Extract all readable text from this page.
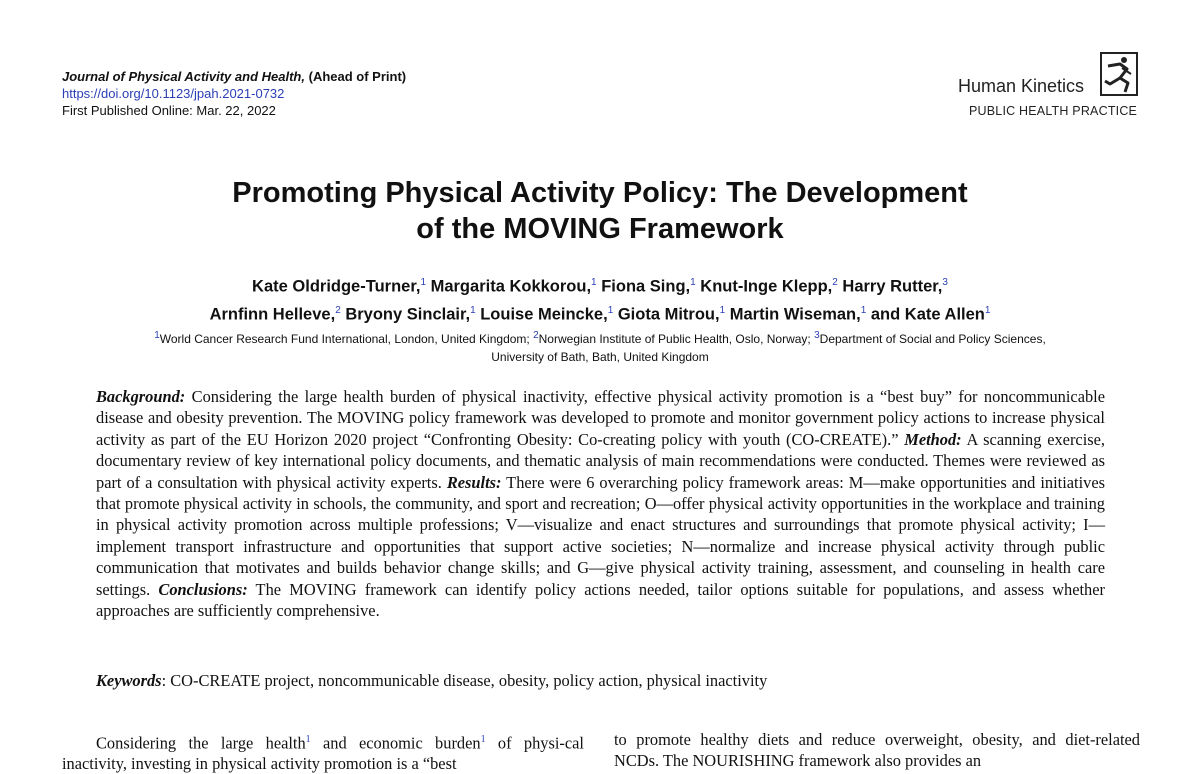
Journal of Physical Activity and Health, (Ahead of Print)
https://doi.org/10.1123/jpah.2021-0732
First Published Online: Mar. 22, 2022
Human Kinetics
PUBLIC HEALTH PRACTICE
Promoting Physical Activity Policy: The Development
of the MOVING Framework
Kate Oldridge-Turner,$^1$ Margarita Kokkorou,$^1$ Fiona Sing,$^1$ Knut-Inge Klepp,$^2$ Harry Rutter,$^3$
Arnfinn Helleve,$^2$ Bryony Sinclair,$^1$ Louise Meincke,$^1$ Giota Mitrou,$^1$ Martin Wiseman,$^1$ and Kate Allen$^1$
$^1$World Cancer Research Fund International, London, United Kingdom; $^2$Norwegian Institute of Public Health, Oslo, Norway; $^3$Department of Social and Policy Sciences,
University of Bath, Bath, United Kingdom
Background: Considering the large health burden of physical inactivity, effective physical activity promotion is a “best buy” for noncommunicable disease and obesity prevention. The MOVING policy framework was developed to promote and monitor government policy actions to increase physical activity as part of the EU Horizon 2020 project “Confronting Obesity: Co-creating policy with youth (CO-CREATE).” Method: A scanning exercise, documentary review of key international policy documents, and thematic analysis of main recommendations were conducted. Themes were reviewed as part of a consultation with physical activity experts. Results: There were 6 overarching policy framework areas: M—make opportunities and initiatives that promote physical activity in schools, the community, and sport and recreation; O—offer physical activity opportunities in the workplace and training in physical activity promotion across multiple professions; V—visualize and enact structures and surroundings that promote physical activity; I—implement transport infrastructure and opportunities that support active societies; N—normalize and increase physical activity through public communication that motivates and builds behavior change skills; and G—give physical activity training, assessment, and counseling in health care settings. Conclusions: The MOVING framework can identify policy actions needed, tailor options suitable for populations, and assess whether approaches are sufficiently comprehensive.
Keywords: CO-CREATE project, noncommunicable disease, obesity, policy action, physical inactivity
Considering the large health$^1$ and economic burden$^1$ of physi-cal inactivity, investing in physical activity promotion is a “best
to promote healthy diets and reduce overweight, obesity, and diet-related NCDs. The NOURISHING framework also provides an
